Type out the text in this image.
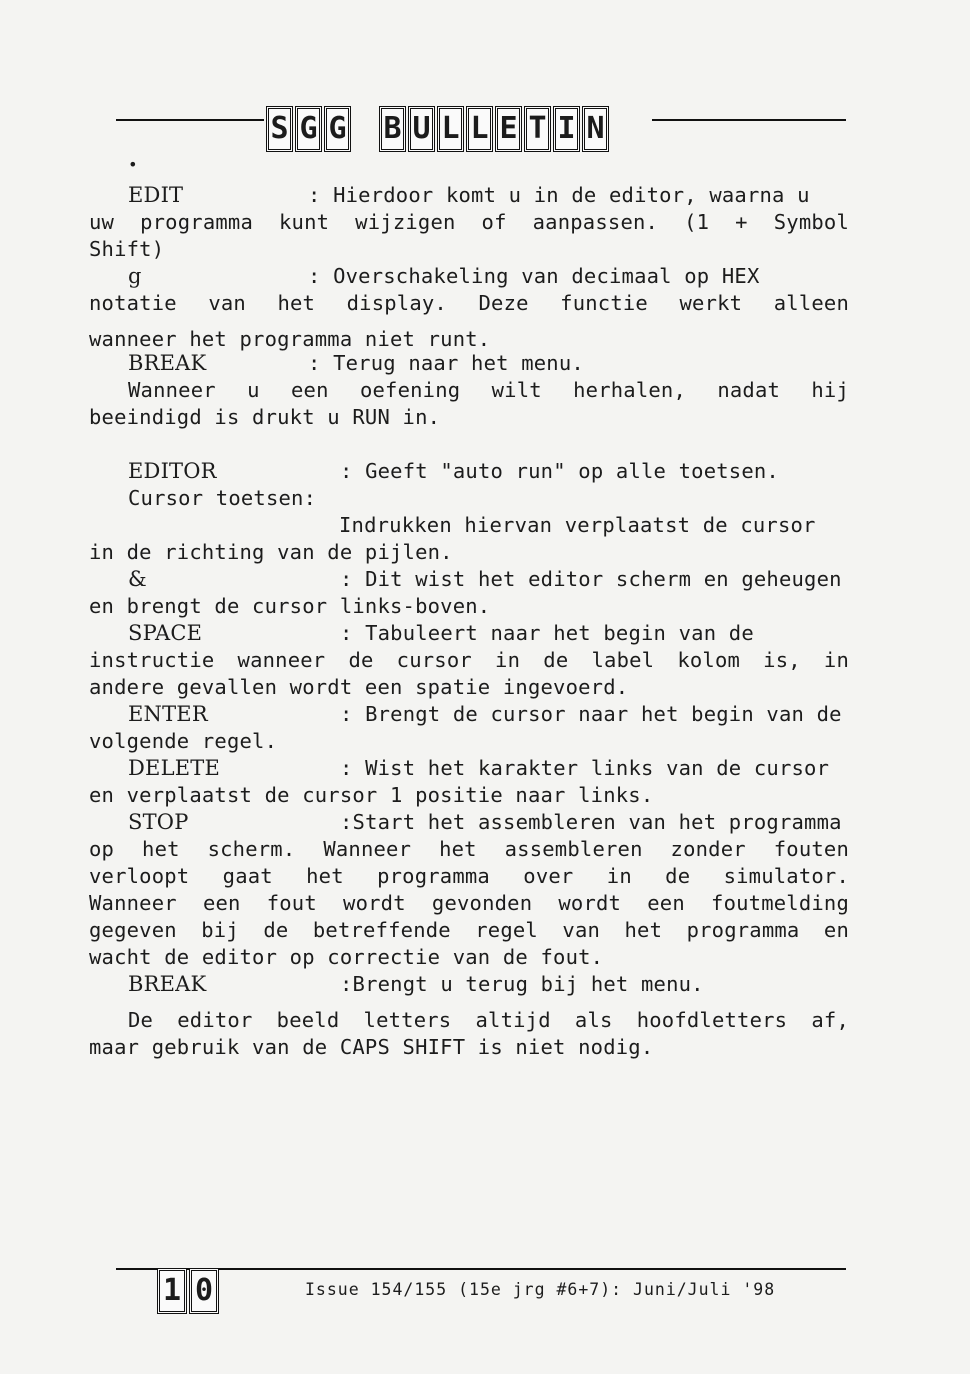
S G G B U L L E T I N
•
EDIT	: Hierdoor komt u in de editor, waarna u
uw programma kunt wijzigen of aanpassen. (1 + Symbol
Shift)
g	: Overschakeling van decimaal op HEX
notatie van het display. Deze functie werkt alleen
wanneer het programma niet runt.
BREAK	: Terug naar het menu.
Wanneer u een oefening wilt herhalen, nadat hij
beeindigd is drukt u RUN in.
EDITOR	: Geeft "auto run" op alle toetsen.
Cursor toetsen:
Indrukken hiervan verplaatst de cursor
in de richting van de pijlen.
&	: Dit wist het editor scherm en geheugen
en brengt de cursor links-boven.
SPACE	: Tabuleert naar het begin van de
instructie wanneer de cursor in de label kolom is, in
andere gevallen wordt een spatie ingevoerd.
ENTER	: Brengt de cursor naar het begin van de
volgende regel.
DELETE	: Wist het karakter links van de cursor
en verplaatst de cursor 1 positie naar links.
STOP	:Start het assembleren van het programma
op het scherm. Wanneer het assembleren zonder fouten
verloopt gaat het programma over in de simulator.
Wanneer een fout wordt gevonden wordt een foutmelding
gegeven bij de betreffende regel van het programma en
wacht de editor op correctie van de fout.
BREAK	:Brengt u terug bij het menu.
De editor beeld letters altijd als hoofdletters af,
maar gebruik van de CAPS SHIFT is niet nodig.
1 0	Issue 154/155 (15e jrg #6+7): Juni/Juli '98
